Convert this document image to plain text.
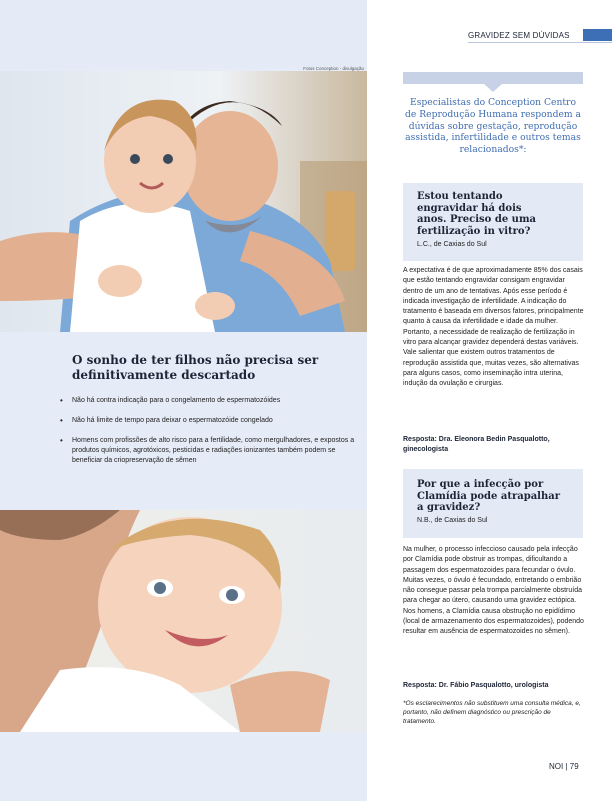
Fotos Conception - divulgação
O sonho de ter filhos não precisa ser definitivamente descartado
• Não há contra indicação para o congelamento de espermatozóides
• Não há limite de tempo para deixar o espermatozóide congelado
• Homens com profissões de alto risco para a fertilidade, como mergulhadores, e expostos a produtos químicos, agrotóxicos, pesticidas e radiações ionizantes também podem se beneficiar da criopreservação de sêmen
GRAVIDEZ SEM DÚVIDAS
Especialistas do Conception Centro de Reprodução Humana respondem a dúvidas sobre gestação, reprodução assistida, infertilidade e outros temas relacionados*:
Estou tentando engravidar há dois anos. Preciso de uma fertilização in vitro?
L.C., de Caxias do Sul

A expectativa é de que aproximadamente 85% dos casais que estão tentando engravidar consigam engravidar dentro de um ano de tentativas. Após esse período é indicada investigação de infertilidade. A indicação do tratamento é baseada em diversos fatores, principalmente quanto à causa da infertilidade e idade da mulher. Portanto, a necessidade de realização de fertilização in vitro para alcançar gravidez dependerá destas variáveis. Vale salientar que existem outros tratamentos de reprodução assistida que, muitas vezes, são alternativas para alguns casos, como inseminação intra uterina, indução da ovulação e cirurgias.

Resposta: Dra. Eleonora Bedin Pasqualotto, ginecologista

Por que a infecção por Clamídia pode atrapalhar a gravidez?
N.B., de Caxias do Sul

Na mulher, o processo infeccioso causado pela infecção por Clamídia pode obstruir as trompas, dificultando a passagem dos espermatozoides para fecundar o óvulo. Muitas vezes, o óvulo é fecundado, entretando o embrião não consegue passar pela trompa parcialmente obstruída para chegar ao útero, causando uma gravidez ectópica. Nos homens, a Clamídia causa obstrução no epidídimo (local de armazenamento dos espermatozoides), podendo resultar em ausência de espermatozoides no sêmen).

Resposta: Dr. Fábio Pasqualotto, urologista

*Os esclarecimentos não substituem uma consulta médica, e, portanto, não definem diagnóstico ou prescrição de tratamento.

NOI | 79
